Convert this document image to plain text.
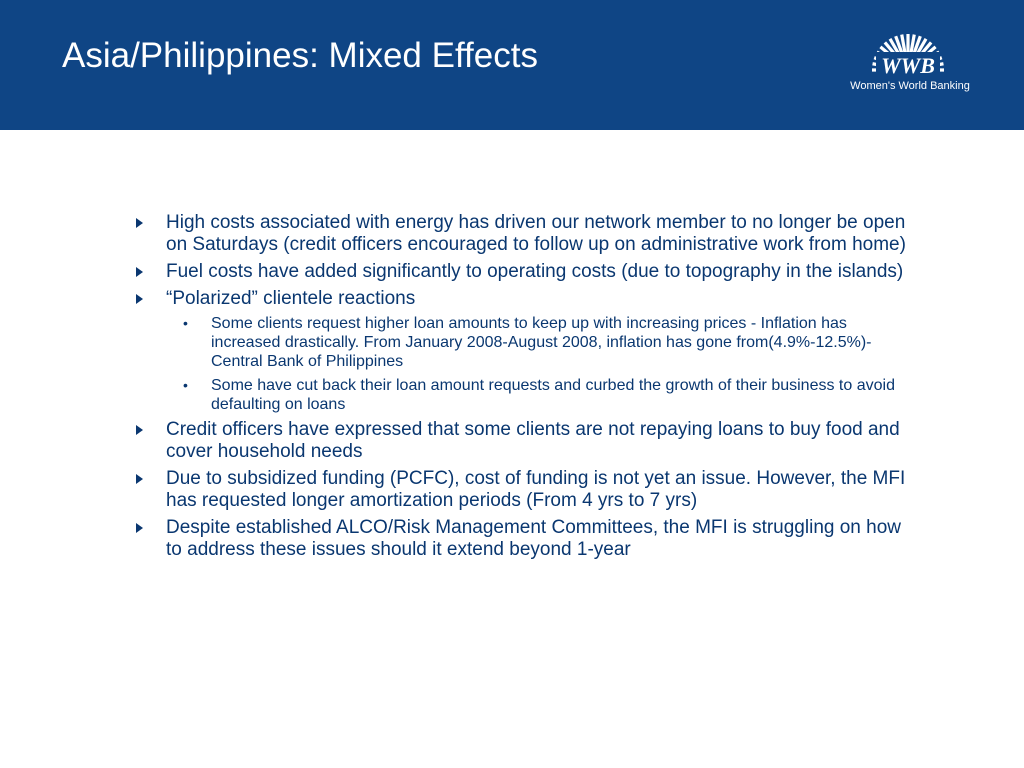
Asia/Philippines: Mixed Effects	WWB
Women's World Banking
High costs associated with energy has driven our network member to no longer be open on Saturdays (credit officers encouraged to follow up on administrative work from home)
Fuel costs have added significantly to operating costs (due to topography in the islands)
“Polarized” clientele reactions
• Some clients request higher loan amounts to keep up with increasing prices - Inflation has increased drastically. From January 2008-August 2008, inflation has gone from(4.9%-12.5%)- Central Bank of Philippines
• Some have cut back their loan amount requests and curbed the growth of their business to avoid defaulting on loans
Credit officers have expressed that some clients are not repaying loans to buy food and cover household needs
Due to subsidized funding (PCFC), cost of funding is not yet an issue. However, the MFI has requested longer amortization periods (From 4 yrs to 7 yrs)
Despite established ALCO/Risk Management Committees, the MFI is struggling on how to address these issues should it extend beyond 1-year
